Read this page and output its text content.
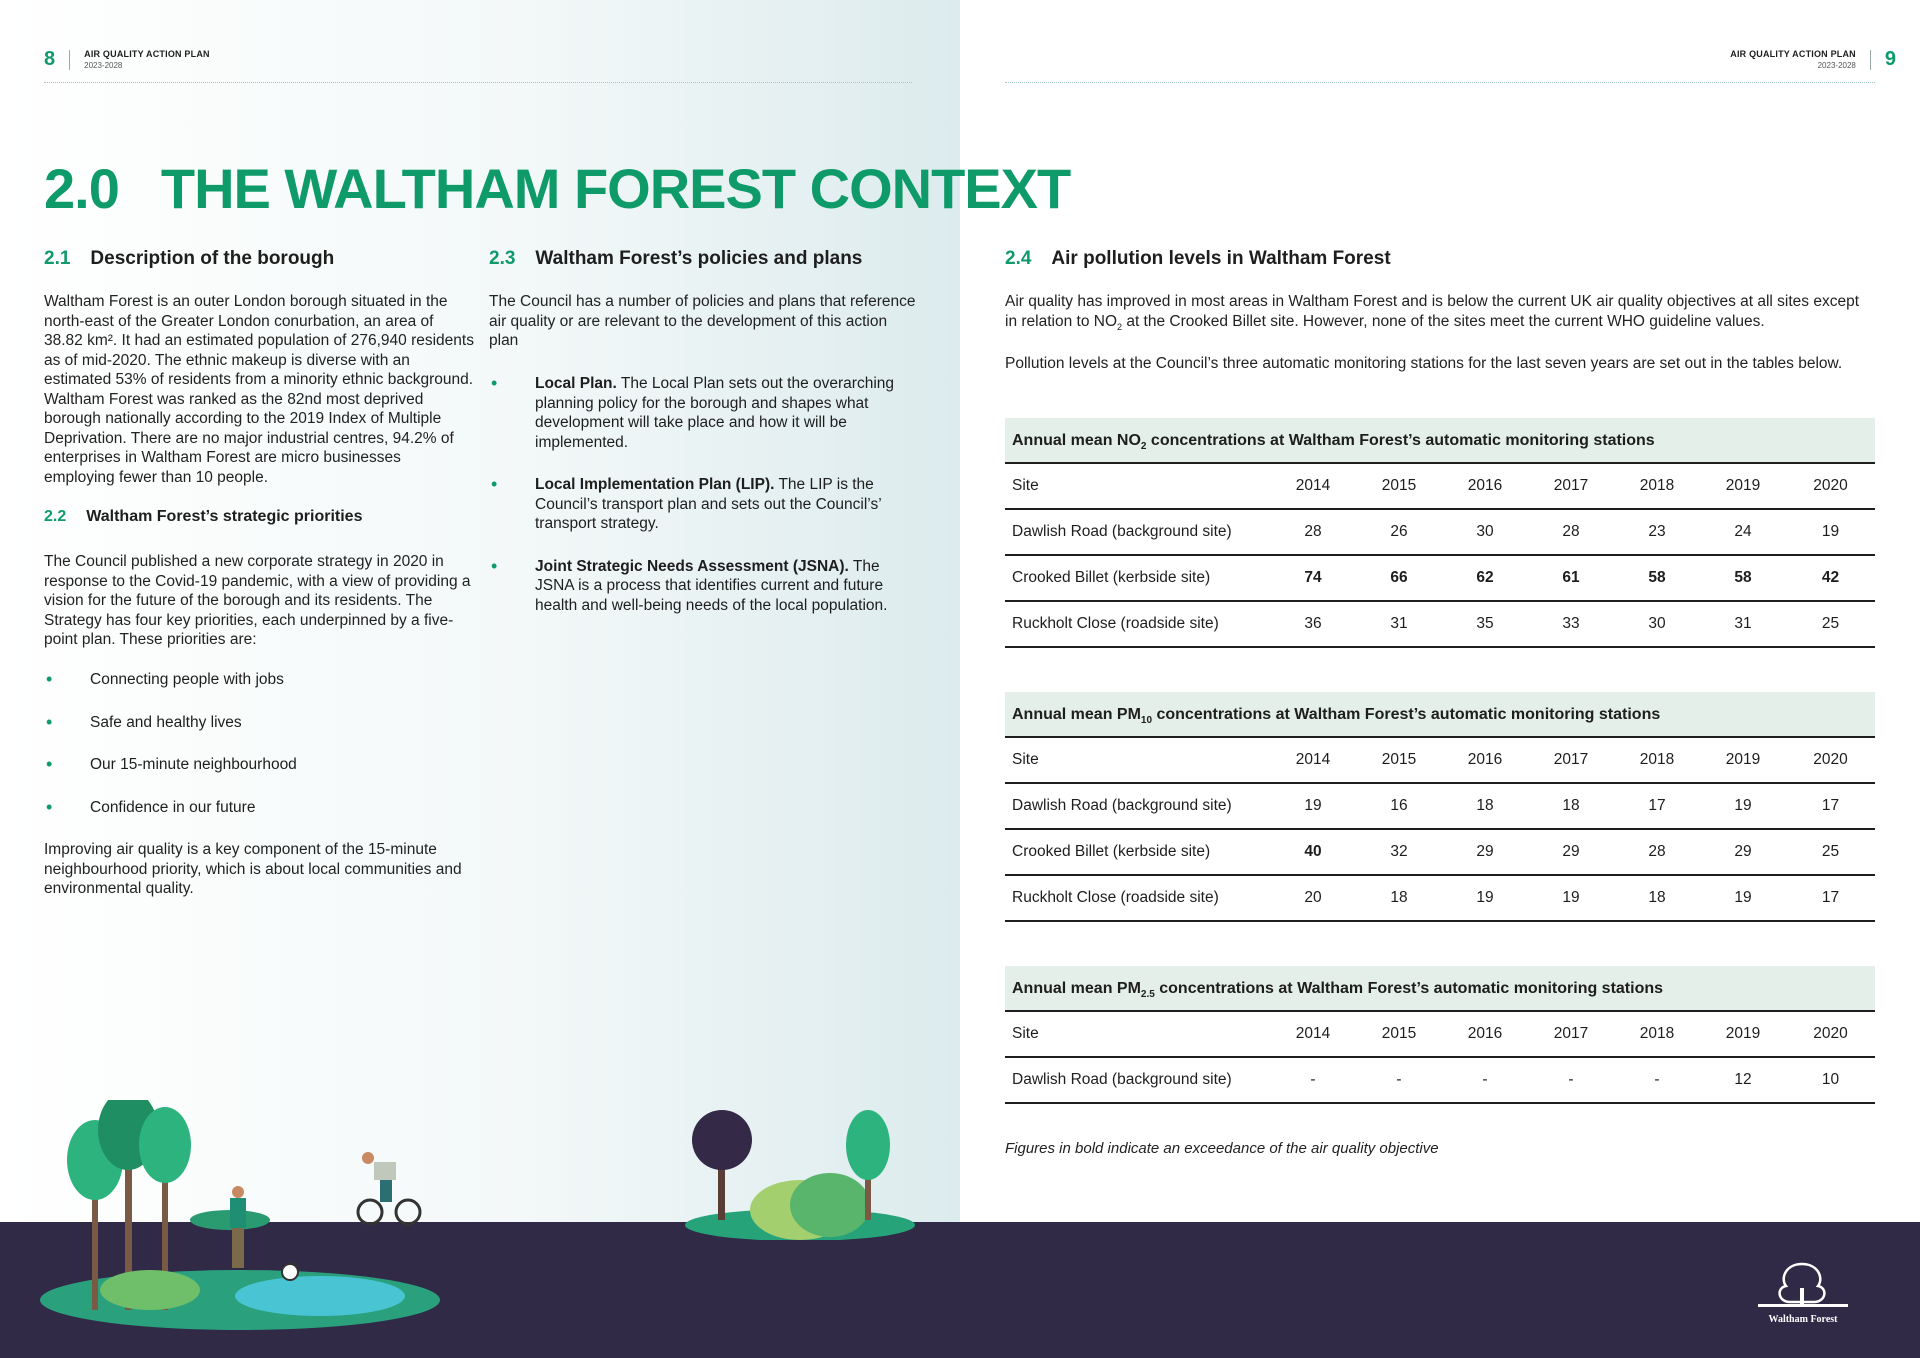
8	AIR QUALITY ACTION PLAN
2023-2028
AIR QUALITY ACTION PLAN
2023-2028 9
2.0 THE WALTHAM FOREST CONTEXT
2.1 Description of the borough

Waltham Forest is an outer London borough situated in the north-east of the Greater London conurbation, an area of 38.82 km². It had an estimated population of 276,940 residents as of mid-2020. The ethnic makeup is diverse with an estimated 53% of residents from a minority ethnic background. Waltham Forest was ranked as the 82nd most deprived borough nationally according to the 2019 Index of Multiple Deprivation. There are no major industrial centres, 94.2% of enterprises in Waltham Forest are micro businesses employing fewer than 10 people.

2.2 Waltham Forest’s strategic priorities

The Council published a new corporate strategy in 2020 in response to the Covid-19 pandemic, with a view of providing a vision for the future of the borough and its residents. The Strategy has four key priorities, each underpinned by a five-point plan. These priorities are:

• Connecting people with jobs
• Safe and healthy lives
• Our 15-minute neighbourhood
• Confidence in our future

Improving air quality is a key component of the 15-minute neighbourhood priority, which is about local communities and environmental quality.

2.3 Waltham Forest’s policies and plans

The Council has a number of policies and plans that reference air quality or are relevant to the development of this action plan

• Local Plan. The Local Plan sets out the overarching planning policy for the borough and shapes what development will take place and how it will be implemented.
• Local Implementation Plan (LIP). The LIP is the Council’s transport plan and sets out the Council’s’ transport strategy.
• Joint Strategic Needs Assessment (JSNA). The JSNA is a process that identifies current and future health and well-being needs of the local population.
2.4 Air pollution levels in Waltham Forest

Air quality has improved in most areas in Waltham Forest and is below the current UK air quality objectives at all sites except in relation to $NO_2$ at the Crooked Billet site. However, none of the sites meet the current WHO guideline values.

Pollution levels at the Council’s three automatic monitoring stations for the last seven years are set out in the tables below.

Annual mean $NO_2$ concentrations at Waltham Forest’s automatic monitoring stations
Site	2014	2015	2016	2017	2018	2019	2020
Dawlish Road (background site)	28	26	30	28	23	24	19
Crooked Billet (kerbside site)	74	66	62	61	58	58	42
Ruckholt Close (roadside site)	36	31	35	33	30	31	25
Annual mean $PM_{10}$ concentrations at Waltham Forest’s automatic monitoring stations
Site	2014	2015	2016	2017	2018	2019	2020
Dawlish Road (background site)	19	16	18	18	17	19	17
Crooked Billet (kerbside site)	40	32	29	29	28	29	25
Ruckholt Close (roadside site)	20	18	19	19	18	19	17
Annual mean $PM_{2.5}$ concentrations at Waltham Forest’s automatic monitoring stations
Site	2014	2015	2016	2017	2018	2019	2020
Dawlish Road (background site)	-	-	-	-	-	12	10

Figures in bold indicate an exceedance of the air quality objective

Waltham Forest
